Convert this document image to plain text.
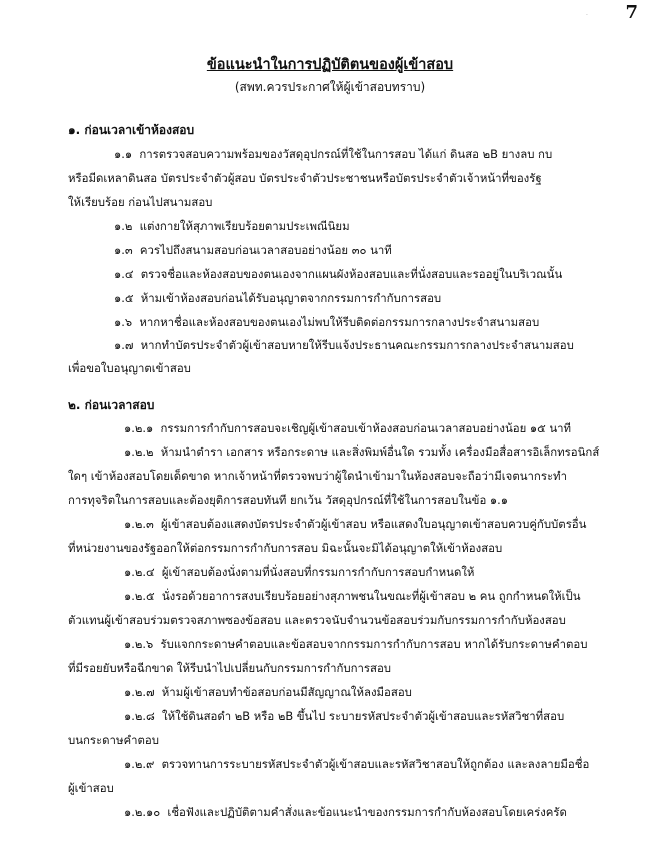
7
·
ข้อแนะนำในการปฏิบัติตนของผู้เข้าสอบ
(สพท.ควรประกาศให้ผู้เข้าสอบทราบ)
๑. ก่อนเวลาเข้าห้องสอบ
๑.๑ การตรวจสอบความพร้อมของวัสดุอุปกรณ์ที่ใช้ในการสอบ ได้แก่ ดินสอ ๒B ยางลบ กบ
หรือมีดเหลาดินสอ บัตรประจำตัวผู้สอบ บัตรประจำตัวประชาชนหรือบัตรประจำตัวเจ้าหน้าที่ของรัฐ
ให้เรียบร้อย ก่อนไปสนามสอบ
๑.๒ แต่งกายให้สุภาพเรียบร้อยตามประเพณีนิยม
๑.๓ ควรไปถึงสนามสอบก่อนเวลาสอบอย่างน้อย ๓๐ นาที
๑.๔ ตรวจชื่อและห้องสอบของตนเองจากแผนผังห้องสอบและที่นั่งสอบและรออยู่ในบริเวณนั้น
๑.๕ ห้ามเข้าห้องสอบก่อนได้รับอนุญาตจากกรรมการกำกับการสอบ
๑.๖ หากหาชื่อและห้องสอบของตนเองไม่พบให้รีบติดต่อกรรมการกลางประจำสนามสอบ
๑.๗ หากทำบัตรประจำตัวผู้เข้าสอบหายให้รีบแจ้งประธานคณะกรรมการกลางประจำสนามสอบ
เพื่อขอใบอนุญาตเข้าสอบ
๒. ก่อนเวลาสอบ
๑.๒.๑ กรรมการกำกับการสอบจะเชิญผู้เข้าสอบเข้าห้องสอบก่อนเวลาสอบอย่างน้อย ๑๕ นาที
๑.๒.๒ ห้ามนำตำรา เอกสาร หรือกระดาษ และสิ่งพิมพ์อื่นใด รวมทั้ง เครื่องมือสื่อสารอิเล็กทรอนิกส์
ใดๆ เข้าห้องสอบโดยเด็ดขาด หากเจ้าหน้าที่ตรวจพบว่าผู้ใดนำเข้ามาในห้องสอบจะถือว่ามีเจตนากระทำ
การทุจริตในการสอบและต้องยุติการสอบทันที ยกเว้น วัสดุอุปกรณ์ที่ใช้ในการสอบในข้อ ๑.๑
๑.๒.๓ ผู้เข้าสอบต้องแสดงบัตรประจำตัวผู้เข้าสอบ หรือแสดงใบอนุญาตเข้าสอบควบคู่กับบัตรอื่น
ที่หน่วยงานของรัฐออกให้ต่อกรรมการกำกับการสอบ มิฉะนั้นจะมิได้อนุญาตให้เข้าห้องสอบ
๑.๒.๔ ผู้เข้าสอบต้องนั่งตามที่นั่งสอบที่กรรมการกำกับการสอบกำหนดให้
๑.๒.๕ นั่งรอด้วยอาการสงบเรียบร้อยอย่างสุภาพชนในขณะที่ผู้เข้าสอบ ๒ คน ถูกกำหนดให้เป็น
ตัวแทนผู้เข้าสอบร่วมตรวจสภาพซองข้อสอบ และตรวจนับจำนวนข้อสอบร่วมกับกรรมการกำกับห้องสอบ
๑.๒.๖ รับแจกกระดาษคำตอบและข้อสอบจากกรรมการกำกับการสอบ หากได้รับกระดาษคำตอบ
ที่มีรอยยับหรือฉีกขาด ให้รีบนำไปเปลี่ยนกับกรรมการกำกับการสอบ
๑.๒.๗ ห้ามผู้เข้าสอบทำข้อสอบก่อนมีสัญญาณให้ลงมือสอบ
๑.๒.๘ ให้ใช้ดินสอดำ ๒B หรือ ๒B ขึ้นไป ระบายรหัสประจำตัวผู้เข้าสอบและรหัสวิชาที่สอบ
บนกระดาษคำตอบ
๑.๒.๙ ตรวจทานการระบายรหัสประจำตัวผู้เข้าสอบและรหัสวิชาสอบให้ถูกต้อง และลงลายมือชื่อ
ผู้เข้าสอบ
๑.๒.๑๐ เชื่อฟังและปฏิบัติตามคำสั่งและข้อแนะนำของกรรมการกำกับห้องสอบโดยเคร่งครัด
